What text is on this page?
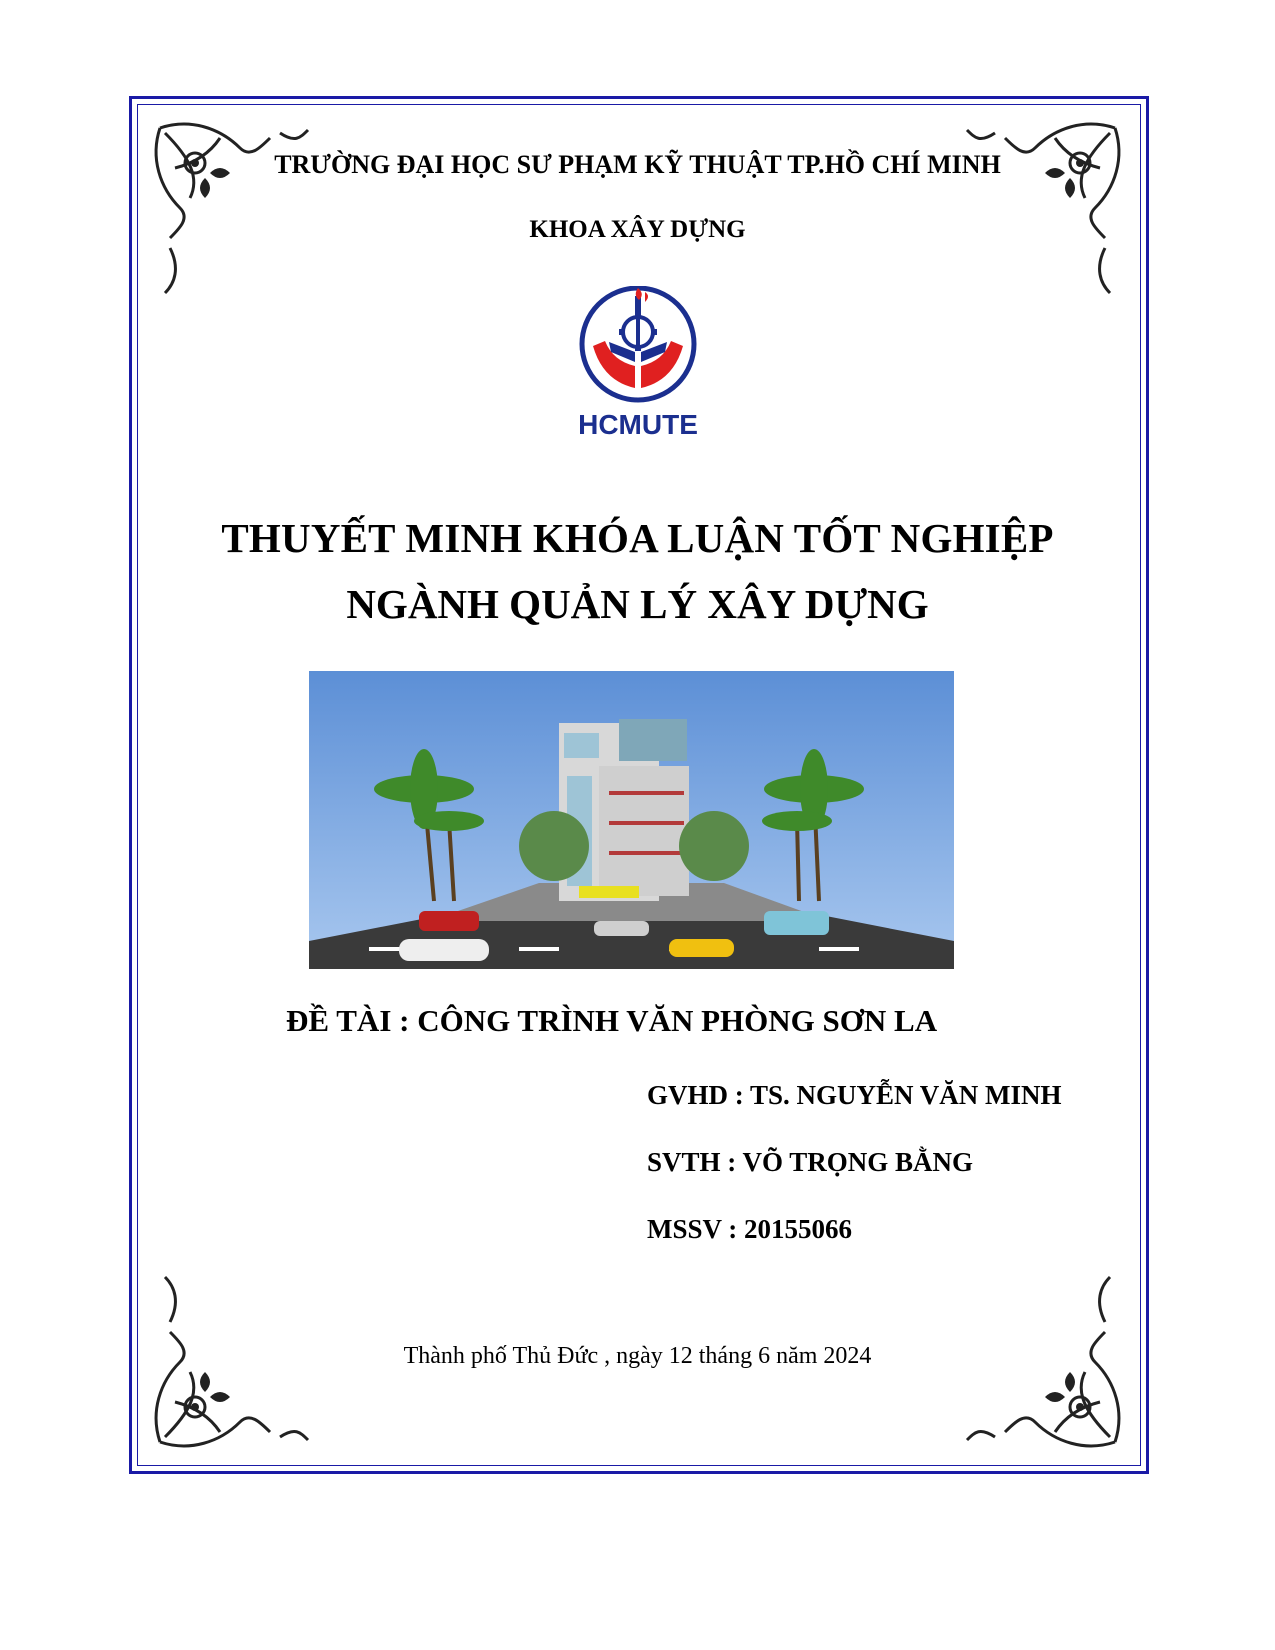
TRƯỜNG ĐẠI HỌC SƯ PHẠM KỸ THUẬT TP.HỒ CHÍ MINH
KHOA XÂY DỰNG
HCMUTE
THUYẾT MINH KHÓA LUẬN TỐT NGHIỆP
NGÀNH QUẢN LÝ XÂY DỰNG
ĐỀ TÀI : CÔNG TRÌNH VĂN PHÒNG SƠN LA
GVHD : TS. NGUYỄN VĂN MINH
SVTH : VÕ TRỌNG BẰNG
MSSV : 20155066
Thành phố Thủ Đức , ngày 12 tháng 6 năm 2024
